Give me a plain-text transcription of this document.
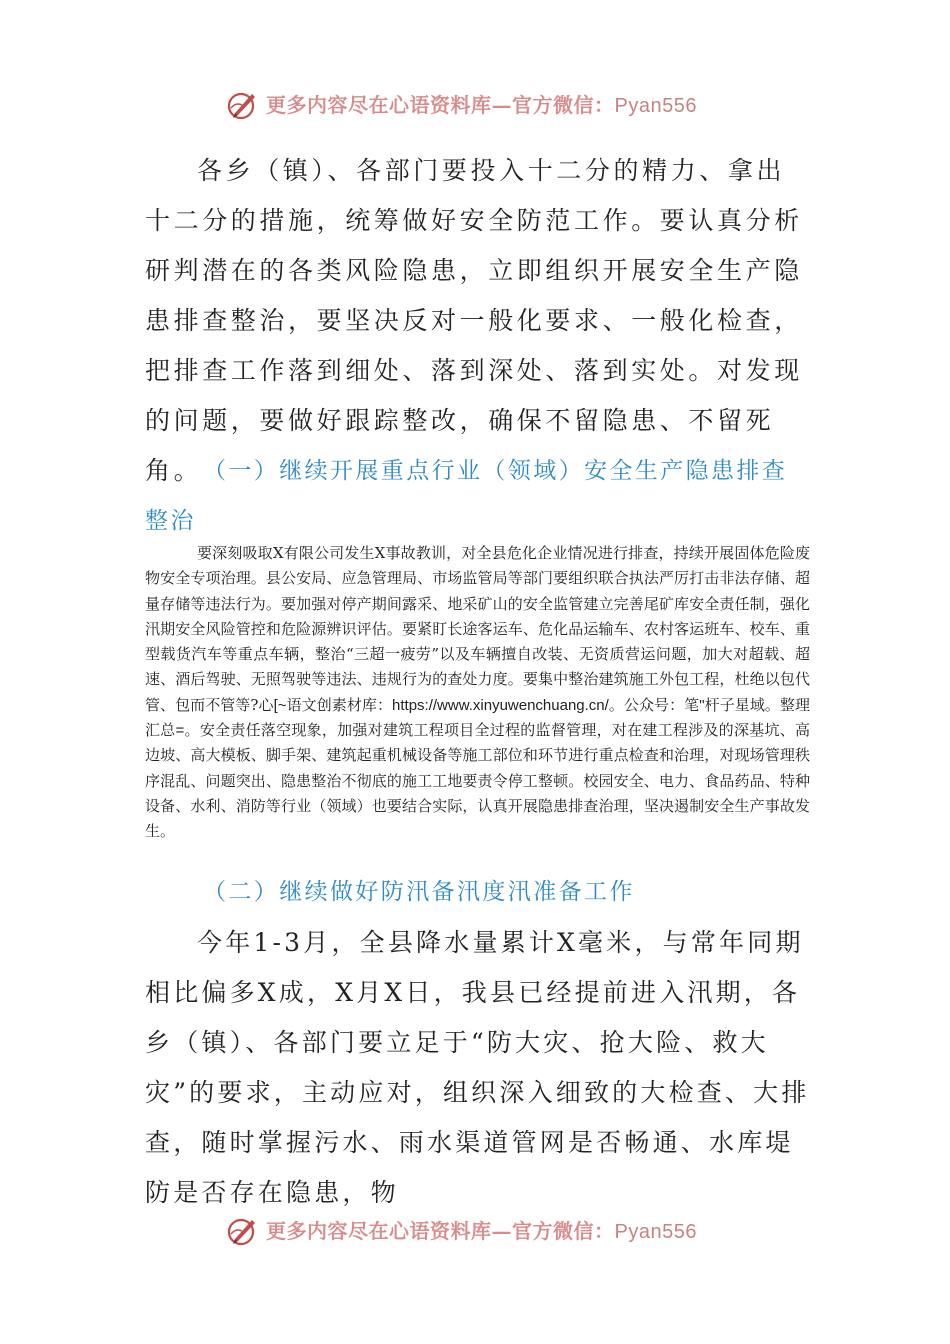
更多内容尽在心语资料库—官方微信：Pyan556

各乡（镇）、各部门要投入十二分的精力、拿出十二分的措施，统筹做好安全防范工作。要认真分析研判潜在的各类风险隐患，立即组织开展安全生产隐患排查整治，要坚决反对一般化要求、一般化检查，把排查工作落到细处、落到深处、落到实处。对发现的问题，要做好跟踪整改，确保不留隐患、不留死角。 （一）继续开展重点行业（领域）安全生产隐患排查整治

要深刻吸取X有限公司发生X事故教训，对全县危化企业情况进行排查，持续开展固体危险废物安全专项治理。县公安局、应急管理局、市场监管局等部门要组织联合执法严厉打击非法存储、超量存储等违法行为。要加强对停产期间露采、地采矿山的安全监管建立完善尾矿库安全责任制，强化汛期安全风险管控和危险源辨识评估。要紧盯长途客运车、危化品运输车、农村客运班车、校车、重型载货汽车等重点车辆，整治“三超一疲劳”以及车辆擅自改装、无资质营运问题，加大对超载、超速、酒后驾驶、无照驾驶等违法、违规行为的查处力度。要集中整治建筑施工外包工程，杜绝以包代管、包而不管等?心[~语文创素材库：https://www.xinyuwenchuang.cn/。公众号：笔"杆子星域。整理汇总=。安全责任落空现象，加强对建筑工程项目全过程的监督管理，对在建工程涉及的深基坑、高边坡、高大模板、脚手架、建筑起重机械设备等施工部位和环节进行重点检查和治理，对现场管理秩序混乱、问题突出、隐患整治不彻底的施工工地要责令停工整顿。校园安全、电力、食品药品、特种设备、水利、消防等行业（领域）也要结合实际，认真开展隐患排查治理，坚决遏制安全生产事故发生。

（二）继续做好防汛备汛度汛准备工作

今年1-3月，全县降水量累计X毫米，与常年同期相比偏多X成，X月X日，我县已经提前进入汛期，各乡（镇）、各部门要立足于“防大灾、抢大险、救大灾”的要求，主动应对，组织深入细致的大检查、大排查，随时掌握污水、雨水渠道管网是否畅通、水库堤防是否存在隐患，物

更多内容尽在心语资料库—官方微信：Pyan556
